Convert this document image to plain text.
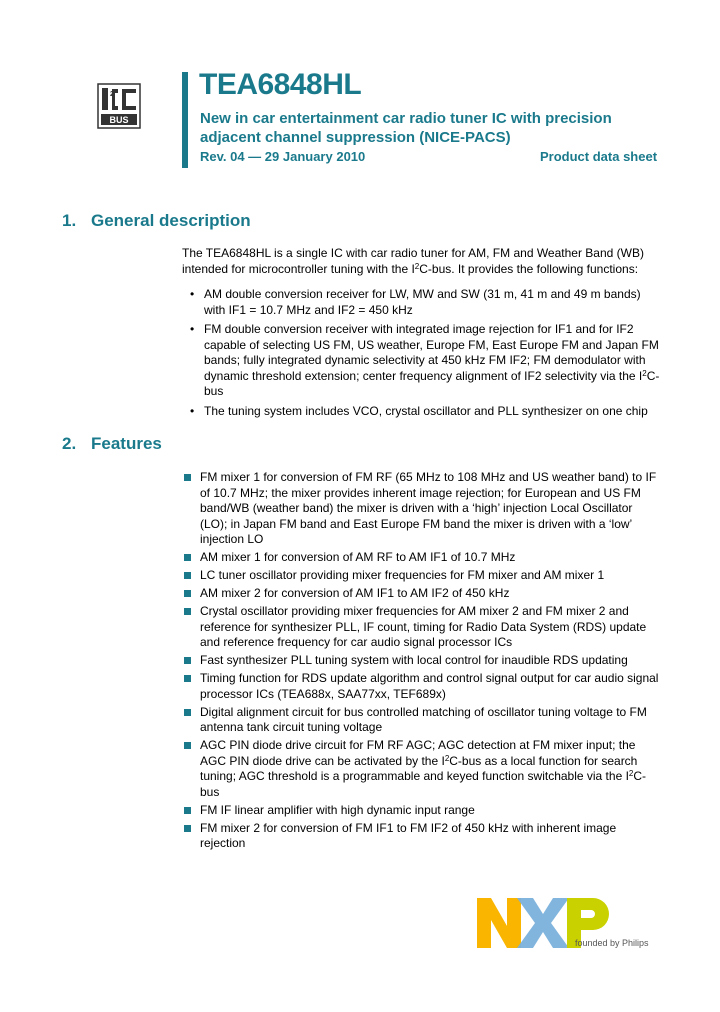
2
BUS
TEA6848HL
New in car entertainment car radio tuner IC with precision adjacent channel suppression (NICE-PACS)
Rev. 04 — 29 January 2010	Product data sheet
1. General description
The TEA6848HL is a single IC with car radio tuner for AM, FM and Weather Band (WB) intended for microcontroller tuning with the $I^2C$-bus. It provides the following functions:
• AM double conversion receiver for LW, MW and SW (31 m, 41 m and 49 m bands) with IF1 = 10.7 MHz and IF2 = 450 kHz
• FM double conversion receiver with integrated image rejection for IF1 and for IF2 capable of selecting US FM, US weather, Europe FM, East Europe FM and Japan FM bands; fully integrated dynamic selectivity at 450 kHz FM IF2; FM demodulator with dynamic threshold extension; center frequency alignment of IF2 selectivity via the $I^2C$-bus
• The tuning system includes VCO, crystal oscillator and PLL synthesizer on one chip
2. Features
FM mixer 1 for conversion of FM RF (65 MHz to 108 MHz and US weather band) to IF of 10.7 MHz; the mixer provides inherent image rejection; for European and US FM band/WB (weather band) the mixer is driven with a ‘high’ injection Local Oscillator (LO); in Japan FM band and East Europe FM band the mixer is driven with a ‘low’ injection LO
AM mixer 1 for conversion of AM RF to AM IF1 of 10.7 MHz
LC tuner oscillator providing mixer frequencies for FM mixer and AM mixer 1
AM mixer 2 for conversion of AM IF1 to AM IF2 of 450 kHz
Crystal oscillator providing mixer frequencies for AM mixer 2 and FM mixer 2 and reference for synthesizer PLL, IF count, timing for Radio Data System (RDS) update and reference frequency for car audio signal processor ICs
Fast synthesizer PLL tuning system with local control for inaudible RDS updating
Timing function for RDS update algorithm and control signal output for car audio signal processor ICs (TEA688x, SAA77xx, TEF689x)
Digital alignment circuit for bus controlled matching of oscillator tuning voltage to FM antenna tank circuit tuning voltage
AGC PIN diode drive circuit for FM RF AGC; AGC detection at FM mixer input; the AGC PIN diode drive can be activated by the $I^2C$-bus as a local function for search tuning; AGC threshold is a programmable and keyed function switchable via the $I^2C$-bus
FM IF linear amplifier with high dynamic input range
FM mixer 2 for conversion of FM IF1 to FM IF2 of 450 kHz with inherent image rejection
founded by Philips
